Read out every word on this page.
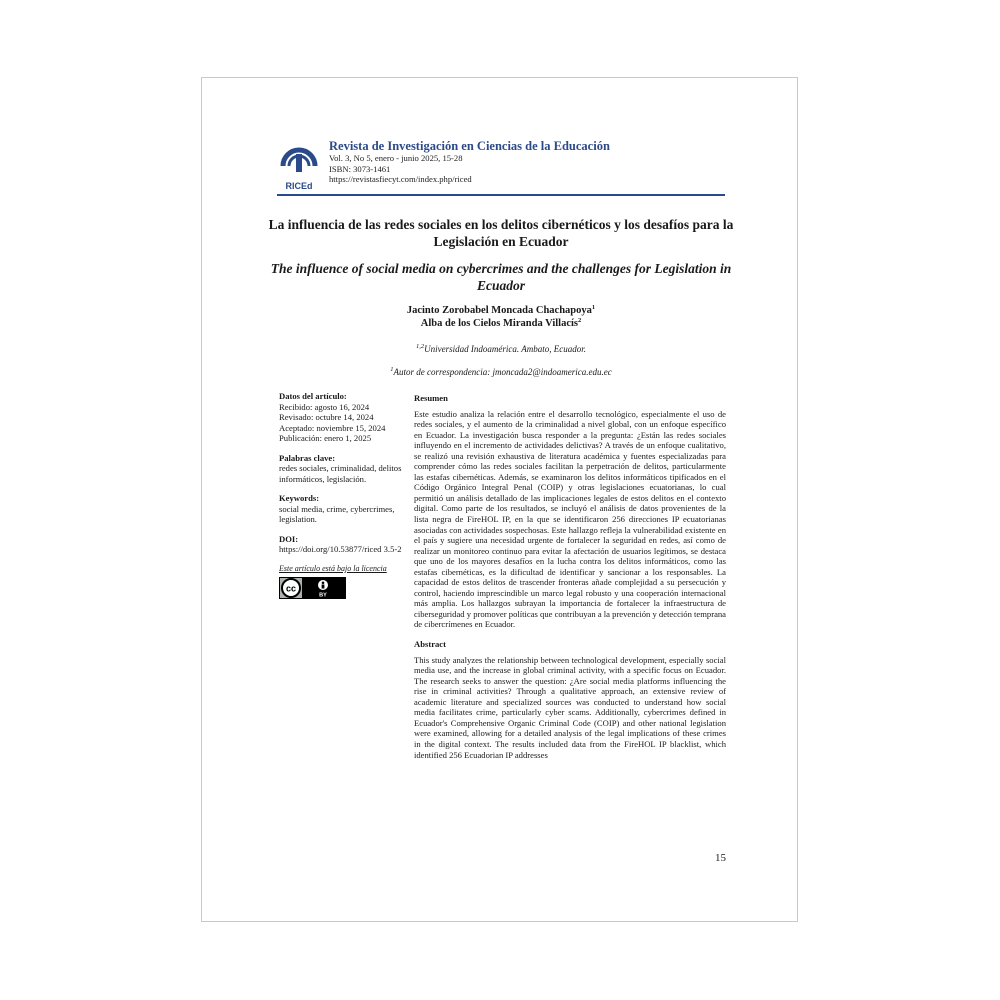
RICEd
Revista de Investigación en Ciencias de la Educación
Vol. 3, No 5, enero - junio 2025, 15-28
ISBN: 3073-1461
https://revistasfiecyt.com/index.php/riced
La influencia de las redes sociales en los delitos cibernéticos y los desafíos para la Legislación en Ecuador
The influence of social media on cybercrimes and the challenges for Legislation in Ecuador
Jacinto Zorobabel Moncada Chachapoya$^1$
Alba de los Cielos Miranda Villacís$^2$
$^{1,2}$Universidad Indoamérica. Ambato, Ecuador.
$^1$Autor de correspondencia: jmoncada2@indoamerica.edu.ec
Datos del artículo:
Recibido: agosto 16, 2024
Revisado: octubre 14, 2024
Aceptado: noviembre 15, 2024
Publicación: enero 1, 2025
Palabras clave:
redes sociales, criminalidad, delitos informáticos, legislación.
Keywords:
social media, crime, cybercrimes, legislation.
DOI:
https://doi.org/10.53877/riced 3.5-2
Este artículo está bajo la licencia
cc
BY
Resumen

Este estudio analiza la relación entre el desarrollo tecnológico, especialmente el uso de redes sociales, y el aumento de la criminalidad a nivel global, con un enfoque específico en Ecuador. La investigación busca responder a la pregunta: ¿Están las redes sociales influyendo en el incremento de actividades delictivas? A través de un enfoque cualitativo, se realizó una revisión exhaustiva de literatura académica y fuentes especializadas para comprender cómo las redes sociales facilitan la perpetración de delitos, particularmente las estafas cibernéticas. Además, se examinaron los delitos informáticos tipificados en el Código Orgánico Integral Penal (COIP) y otras legislaciones ecuatorianas, lo cual permitió un análisis detallado de las implicaciones legales de estos delitos en el contexto digital. Como parte de los resultados, se incluyó el análisis de datos provenientes de la lista negra de FireHOL IP, en la que se identificaron 256 direcciones IP ecuatorianas asociadas con actividades sospechosas. Este hallazgo refleja la vulnerabilidad existente en el país y sugiere una necesidad urgente de fortalecer la seguridad en redes, así como de realizar un monitoreo continuo para evitar la afectación de usuarios legítimos, se destaca que uno de los mayores desafíos en la lucha contra los delitos informáticos, como las estafas cibernéticas, es la dificultad de identificar y sancionar a los responsables. La capacidad de estos delitos de trascender fronteras añade complejidad a su persecución y control, haciendo imprescindible un marco legal robusto y una cooperación internacional más amplia. Los hallazgos subrayan la importancia de fortalecer la infraestructura de ciberseguridad y promover políticas que contribuyan a la prevención y detección temprana de cibercrímenes en Ecuador.

Abstract

This study analyzes the relationship between technological development, especially social media use, and the increase in global criminal activity, with a specific focus on Ecuador. The research seeks to answer the question: ¿Are social media platforms influencing the rise in criminal activities? Through a qualitative approach, an extensive review of academic literature and specialized sources was conducted to understand how social media facilitates crime, particularly cyber scams. Additionally, cybercrimes defined in Ecuador's Comprehensive Organic Criminal Code (COIP) and other national legislation were examined, allowing for a detailed analysis of the legal implications of these crimes in the digital context. The results included data from the FireHOL IP blacklist, which identified 256 Ecuadorian IP addresses

15
